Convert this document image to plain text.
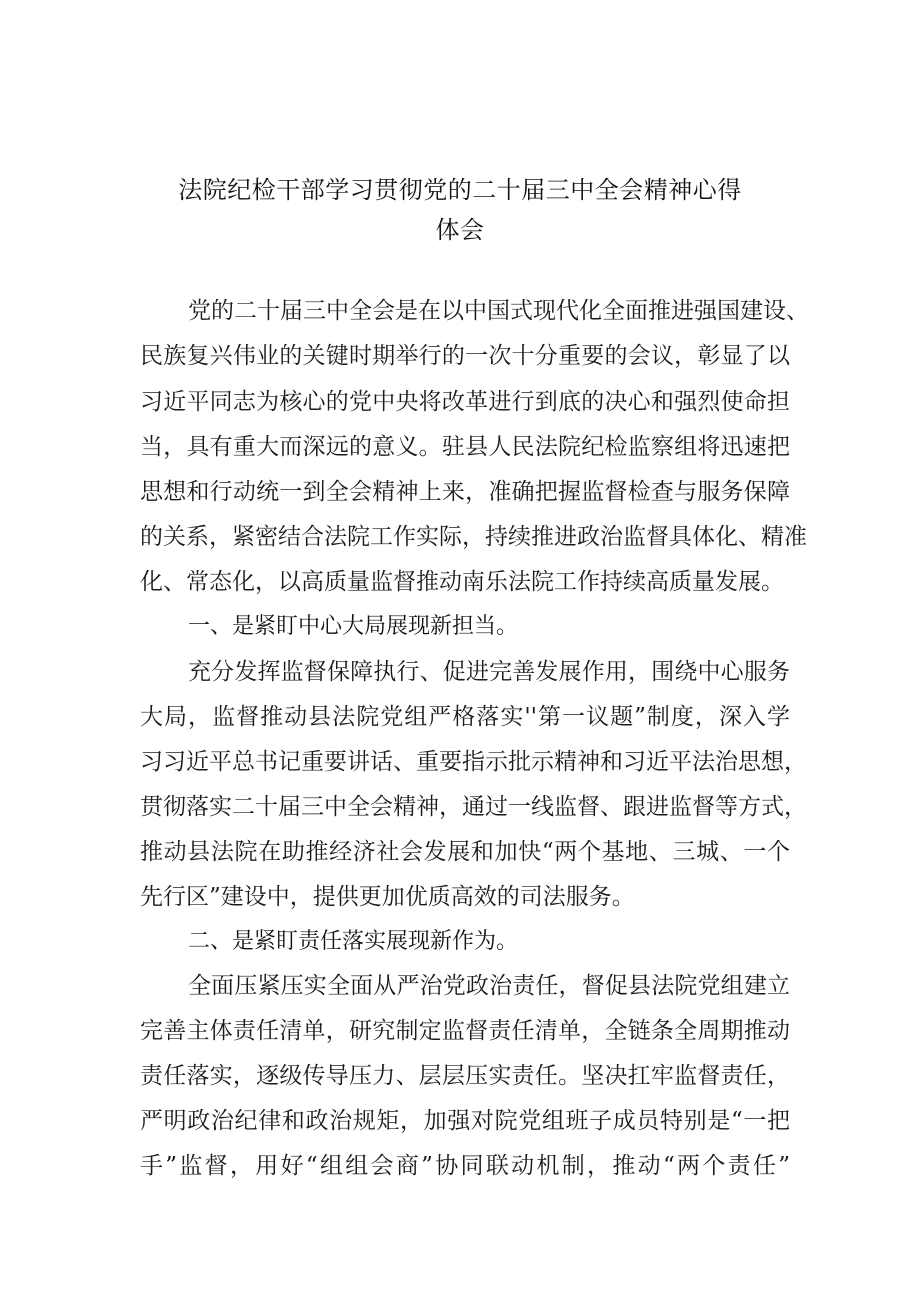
法院纪检干部学习贯彻党的二十届三中全会精神心得
体会
党的二十届三中全会是在以中国式现代化全面推进强国建设、
民族复兴伟业的关键时期举行的一次十分重要的会议，彰显了以
习近平同志为核心的党中央将改革进行到底的决心和强烈使命担
当，具有重大而深远的意义。驻县人民法院纪检监察组将迅速把
思想和行动统一到全会精神上来，准确把握监督检查与服务保障
的关系，紧密结合法院工作实际，持续推进政治监督具体化、精准
化、常态化，以高质量监督推动南乐法院工作持续高质量发展。
一、是紧盯中心大局展现新担当。
充分发挥监督保障执行、促进完善发展作用，围绕中心服务
大局，监督推动县法院党组严格落实''第一议题”制度，深入学
习习近平总书记重要讲话、重要指示批示精神和习近平法治思想，
贯彻落实二十届三中全会精神，通过一线监督、跟进监督等方式，
推动县法院在助推经济社会发展和加快“两个基地、三城、一个
先行区”建设中，提供更加优质高效的司法服务。
二、是紧盯责任落实展现新作为。
全面压紧压实全面从严治党政治责任，督促县法院党组建立
完善主体责任清单，研究制定监督责任清单，全链条全周期推动
责任落实，逐级传导压力、层层压实责任。坚决扛牢监督责任，
严明政治纪律和政治规矩，加强对院党组班子成员特别是“一把
手”监督，用好“组组会商”协同联动机制，推动“两个责任”
